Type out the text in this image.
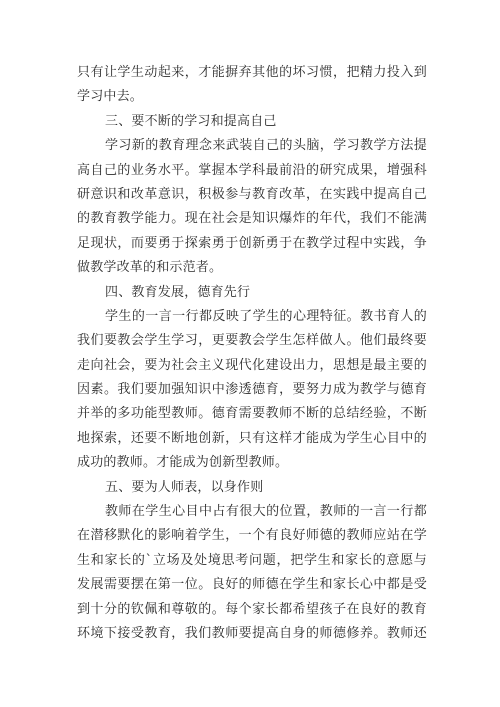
只有让学生动起来，才能摒弃其他的坏习惯，把精力投入到
学习中去。
三、要不断的学习和提高自己
学习新的教育理念来武装自己的头脑，学习教学方法提
高自己的业务水平。掌握本学科最前沿的研究成果，增强科
研意识和改革意识，积极参与教育改革，在实践中提高自己
的教育教学能力。现在社会是知识爆炸的年代，我们不能满
足现状，而要勇于探索勇于创新勇于在教学过程中实践，争
做教学改革的和示范者。
四、教育发展，德育先行
学生的一言一行都反映了学生的心理特征。教书育人的
我们要教会学生学习，更要教会学生怎样做人。他们最终要
走向社会，要为社会主义现代化建设出力，思想是最主要的
因素。我们要加强知识中渗透德育，要努力成为教学与德育
并举的多功能型教师。德育需要教师不断的总结经验，不断
地探索，还要不断地创新，只有这样才能成为学生心目中的
成功的教师。才能成为创新型教师。
五、要为人师表，以身作则
教师在学生心目中占有很大的位置，教师的一言一行都
在潜移默化的影响着学生，一个有良好师德的教师应站在学
生和家长的`立场及处境思考问题，把学生和家长的意愿与
发展需要摆在第一位。良好的师德在学生和家长心中都是受
到十分的钦佩和尊敬的。每个家长都希望孩子在良好的教育
环境下接受教育，我们教师要提高自身的师德修养。教师还
